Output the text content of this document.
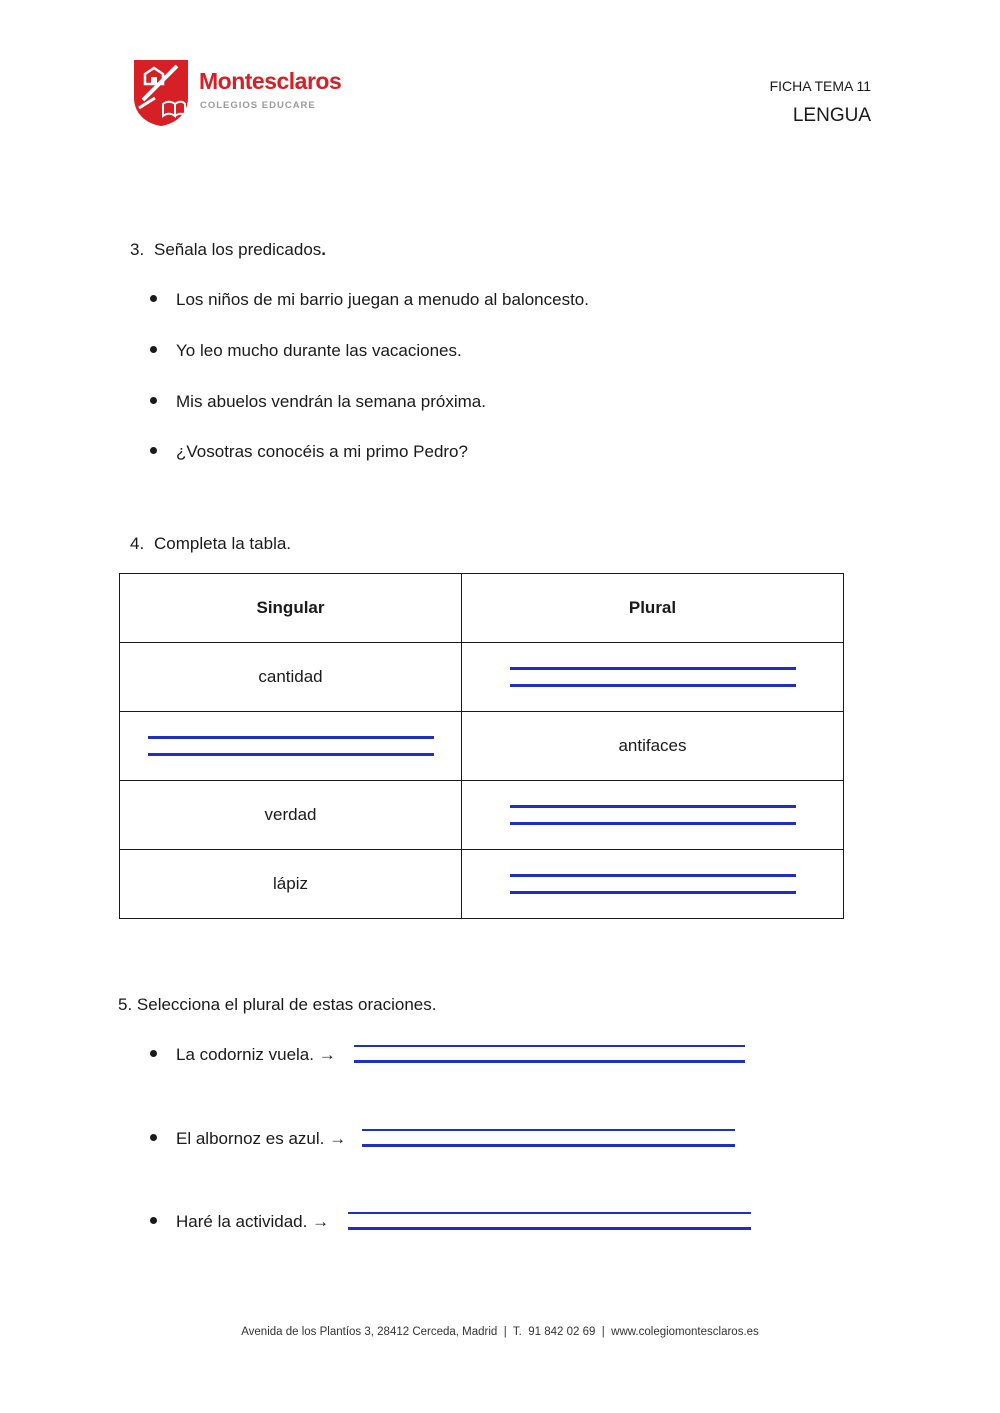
Montesclaros
COLEGIOS EDUCARE
FICHA TEMA 11
LENGUA
3. Señala los predicados.
Los niños de mi barrio juegan a menudo al baloncesto.
Yo leo mucho durante las vacaciones.
Mis abuelos vendrán la semana próxima.
¿Vosotras conocéis a mi primo Pedro?
4. Completa la tabla.
Singular	Plural
cantidad	
	antifaces
verdad	
lápiz	
5. Selecciona el plural de estas oraciones.
La codorniz vuela. →
El albornoz es azul. →
Haré la actividad. →
Avenida de los Plantíos 3, 28412 Cerceda, Madrid  |  T.  91 842 02 69  |  www.colegiomontesclaros.es
